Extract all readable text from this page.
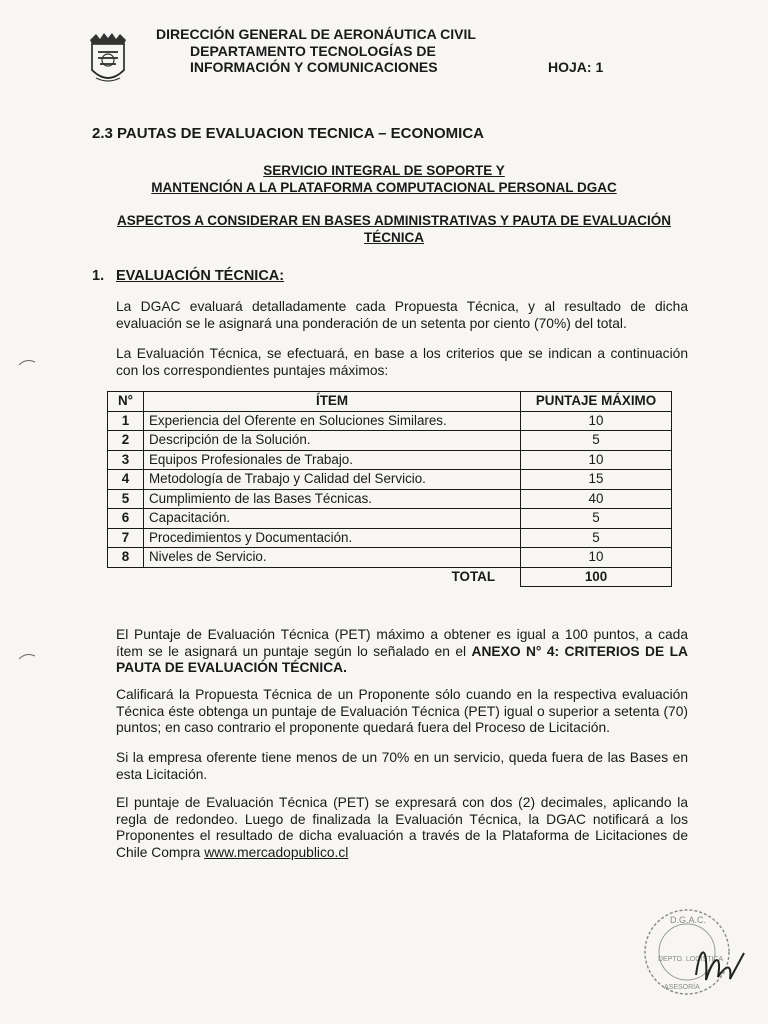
DIRECCIÓN GENERAL DE AERONÁUTICA CIVIL
DEPARTAMENTO TECNOLOGÍAS DE
INFORMACIÓN Y COMUNICACIONES	HOJA: 1
2.3 PAUTAS DE EVALUACION TECNICA – ECONOMICA
SERVICIO INTEGRAL DE SOPORTE Y
MANTENCIÓN A LA PLATAFORMA COMPUTACIONAL PERSONAL DGAC
ASPECTOS A CONSIDERAR EN BASES ADMINISTRATIVAS Y PAUTA DE EVALUACIÓN
TÉCNICA
1. EVALUACIÓN TÉCNICA:
La DGAC evaluará detalladamente cada Propuesta Técnica, y al resultado de dicha evaluación se le asignará una ponderación de un setenta por ciento (70%) del total.
La Evaluación Técnica, se efectuará, en base a los criterios que se indican a continuación con los correspondientes puntajes máximos:
N°	ÍTEM	PUNTAJE MÁXIMO
1	Experiencia del Oferente en Soluciones Similares.	10
2	Descripción de la Solución.	5
3	Equipos Profesionales de Trabajo.	10
4	Metodología de Trabajo y Calidad del Servicio.	15
5	Cumplimiento de las Bases Técnicas.	40
6	Capacitación.	5
7	Procedimientos y Documentación.	5
8	Niveles de Servicio.	10
TOTAL		100
El Puntaje de Evaluación Técnica (PET) máximo a obtener es igual a 100 puntos, a cada ítem se le asignará un puntaje según lo señalado en el ANEXO N° 4: CRITERIOS DE LA PAUTA DE EVALUACIÓN TÉCNICA.
Calificará la Propuesta Técnica de un Proponente sólo cuando en la respectiva evaluación Técnica éste obtenga un puntaje de Evaluación Técnica (PET) igual o superior a setenta (70) puntos; en caso contrario el proponente quedará fuera del Proceso de Licitación.
Si la empresa oferente tiene menos de un 70% en un servicio, queda fuera de las Bases en esta Licitación.
El puntaje de Evaluación Técnica (PET) se expresará con dos (2) decimales, aplicando la regla de redondeo. Luego de finalizada la Evaluación Técnica, la DGAC notificará a los Proponentes el resultado de dicha evaluación a través de la Plataforma de Licitaciones de Chile Compra www.mercadopublico.cl
D.G.A.C.
DEPTO. LOGÍSTICA
ASESORÍA
